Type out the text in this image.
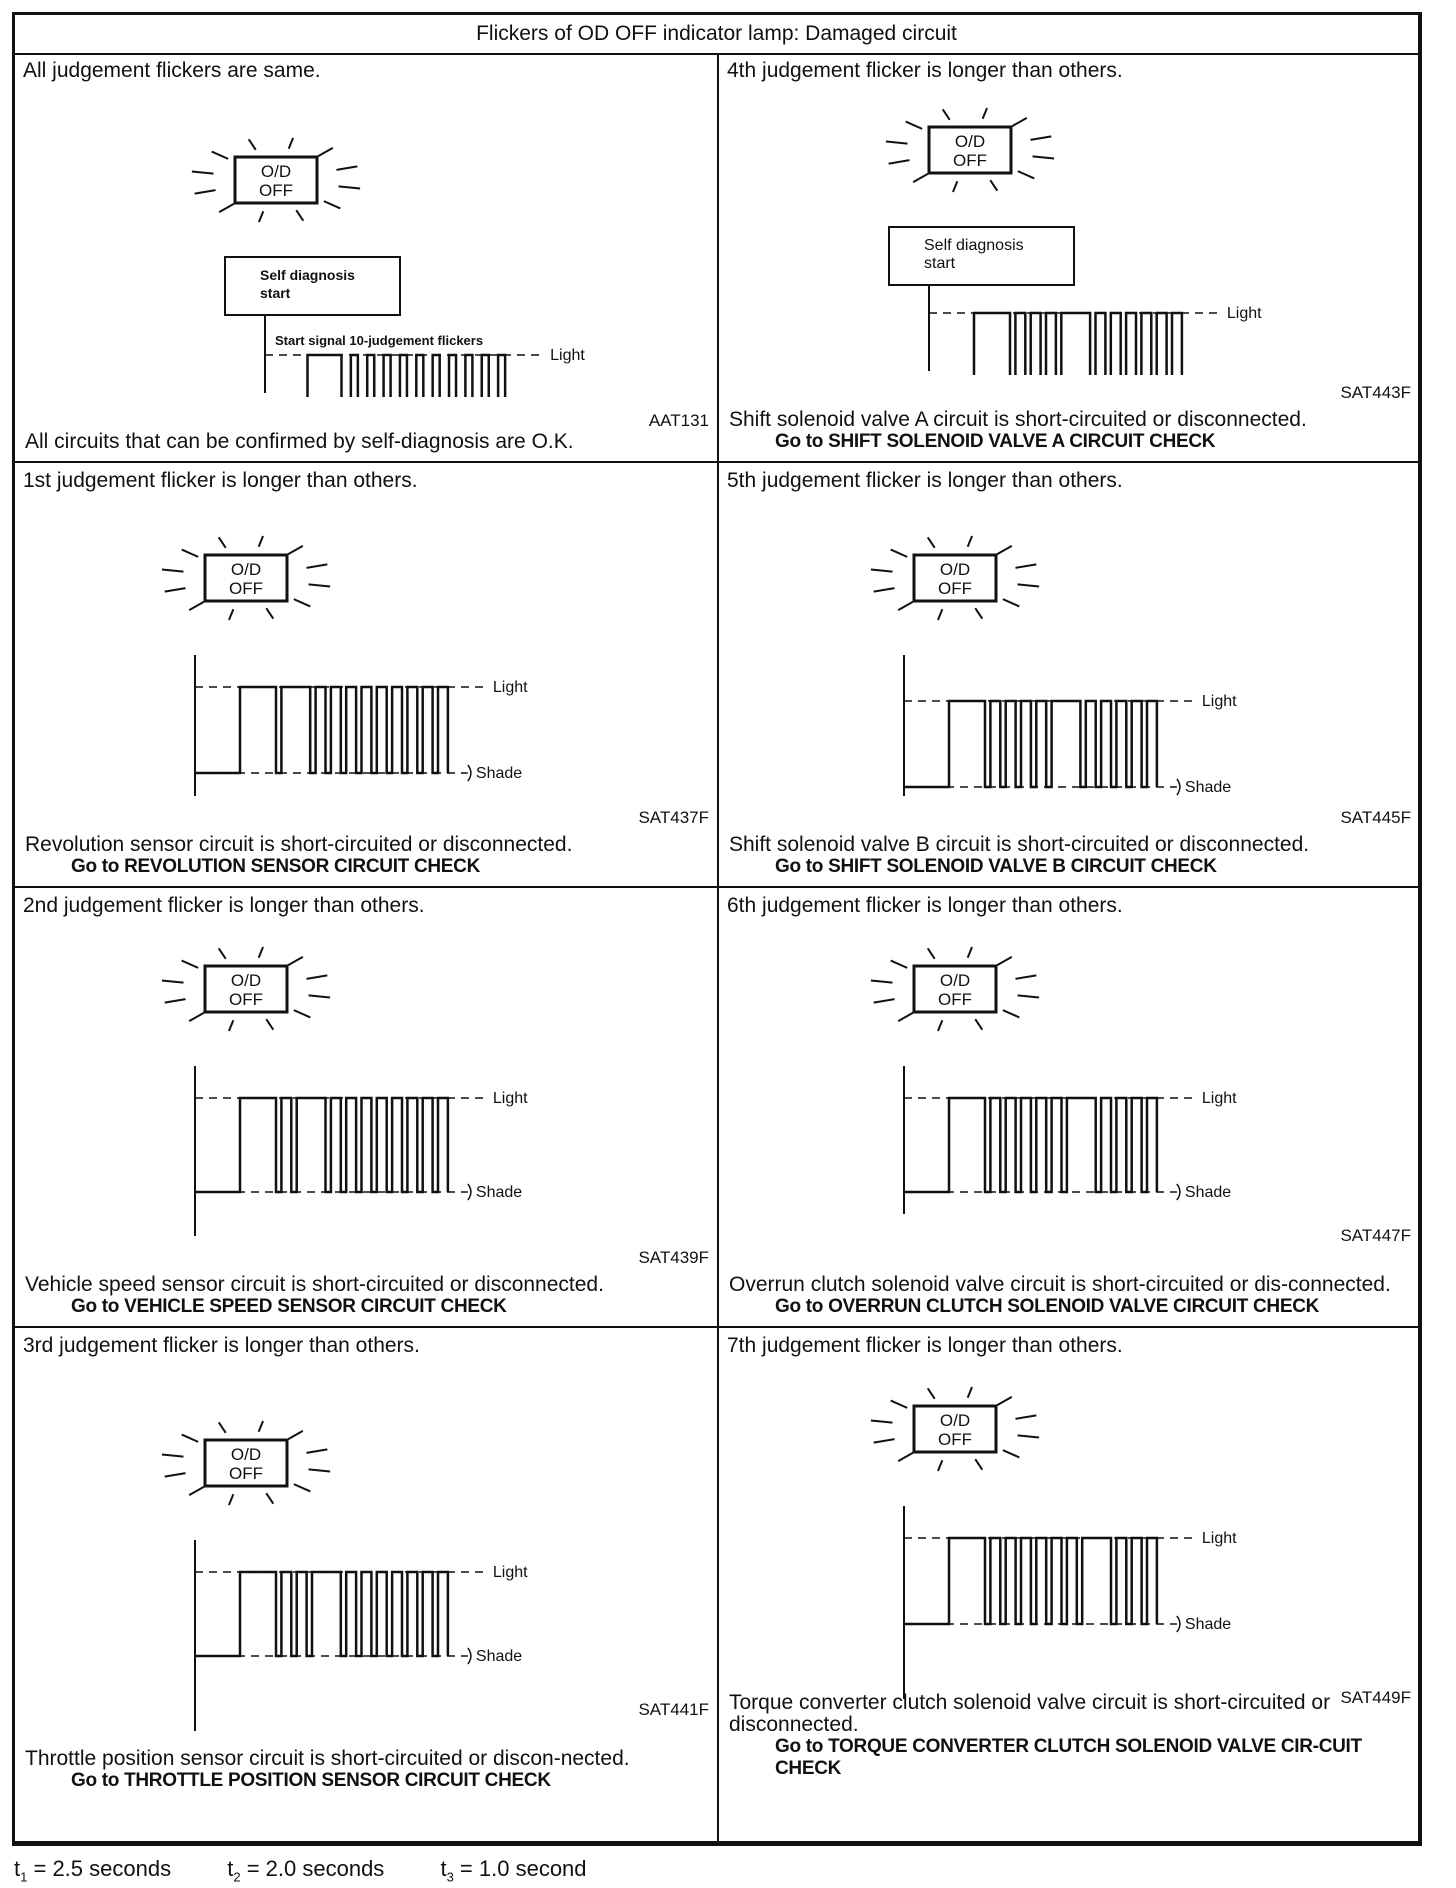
Flickers of OD OFF indicator lamp: Damaged circuit
All judgement flickers are same.
O/D
OFF
Self diagnosis
start
Start signal 10-judgement flickers
Light
AAT131
All circuits that can be confirmed by self-diagnosis are O.K.
4th judgement flicker is longer than others.
O/D
OFF
Self diagnosis
start
Light
SAT443F
Shift solenoid valve A circuit is short-circuited or disconnected.
Go to SHIFT SOLENOID VALVE A CIRCUIT CHECK
1st judgement flicker is longer than others.
O/D
OFF
Light
Shade
SAT437F
Revolution sensor circuit is short-circuited or disconnected.
Go to REVOLUTION SENSOR CIRCUIT CHECK
5th judgement flicker is longer than others.
O/D
OFF
Light
Shade
SAT445F
Shift solenoid valve B circuit is short-circuited or disconnected.
Go to SHIFT SOLENOID VALVE B CIRCUIT CHECK
2nd judgement flicker is longer than others.
O/D
OFF
Light
Shade
SAT439F
Vehicle speed sensor circuit is short-circuited or disconnected.
Go to VEHICLE SPEED SENSOR CIRCUIT CHECK
6th judgement flicker is longer than others.
O/D
OFF
Light
Shade
SAT447F
Overrun clutch solenoid valve circuit is short-circuited or dis-connected.
Go to OVERRUN CLUTCH SOLENOID VALVE CIRCUIT CHECK
3rd judgement flicker is longer than others.
O/D
OFF
Light
Shade
SAT441F
Throttle position sensor circuit is short-circuited or discon-nected.
Go to THROTTLE POSITION SENSOR CIRCUIT CHECK
7th judgement flicker is longer than others.
O/D
OFF
Light
Shade
SAT449F
Torque converter clutch solenoid valve circuit is short-circuited or disconnected.
Go to TORQUE CONVERTER CLUTCH SOLENOID VALVE CIR-CUIT CHECK
$t_1 = 2.5$ seconds	$t_2 = 2.0$ seconds	$t_3 = 1.0$ second
